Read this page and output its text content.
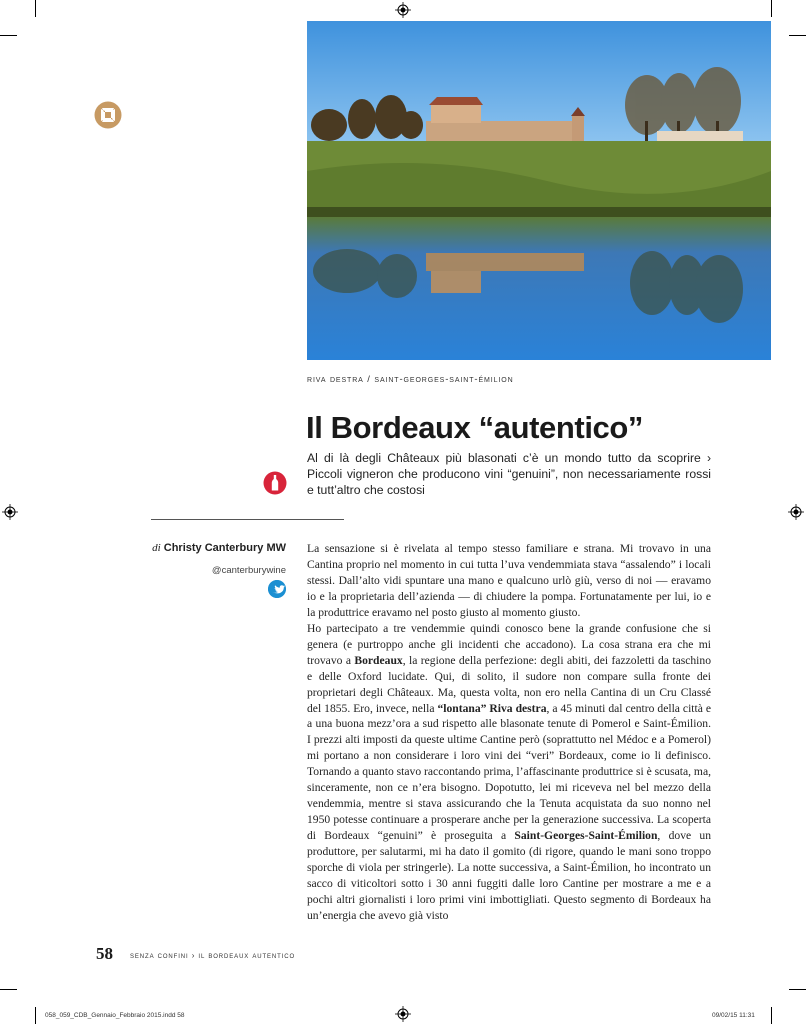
riva destra / saint-georges-saint-émilion
Il Bordeaux “autentico”
Al di là degli Châteaux più blasonati c’è un mondo tutto da scoprire › Piccoli vigneron che producono vini “genuini”, non necessariamente rossi e tutt’altro che costosi
di Christy Canterbury MW
@canterburywine

La sensazione si è rivelata al tempo stesso familiare e strana. Mi trovavo in una Cantina proprio nel momento in cui tutta l’uva vendemmiata stava “assalendo” i locali stessi. Dall’alto vidi spuntare una mano e qualcuno urlò giù, verso di noi — eravamo io e la proprietaria dell’azienda — di chiudere la pompa. Fortunatamente per lui, io e la produttrice eravamo nel posto giusto al momento giusto.

Ho partecipato a tre vendemmie quindi conosco bene la grande confusione che si genera (e purtroppo anche gli incidenti che accadono). La cosa strana era che mi trovavo a Bordeaux, la regione della perfezione: degli abiti, dei fazzoletti da taschino e delle Oxford lucidate. Qui, di solito, il sudore non compare sulla fronte dei proprietari degli Châteaux. Ma, questa volta, non ero nella Cantina di un Cru Classé del 1855. Ero, invece, nella “lontana” Riva destra, a 45 minuti dal centro della città e a una buona mezz’ora a sud rispetto alle blasonate tenute di Pomerol e Saint-Émilion. I prezzi alti imposti da queste ultime Cantine però (soprattutto nel Médoc e a Pomerol) mi portano a non considerare i loro vini dei “veri” Bordeaux, come io li definisco. Tornando a quanto stavo raccontando prima, l’affascinante produttrice si è scusata, ma, sinceramente, non ce n’era bisogno. Dopotutto, lei mi riceveva nel bel mezzo della vendemmia, mentre si stava assicurando che la Tenuta acquistata da suo nonno nel 1950 potesse continuare a prosperare anche per la generazione successiva. La scoperta di Bordeaux “genuini” è proseguita a Saint-Georges-Saint-Émilion, dove un produttore, per salutarmi, mi ha dato il gomito (di rigore, quando le mani sono troppo sporche di viola per stringerle). La notte successiva, a Saint-Émilion, ho incontrato un sacco di viticoltori sotto i 30 anni fuggiti dalle loro Cantine per mostrare a me e a pochi altri giornalisti i loro primi vini imbottigliati. Questo segmento di Bordeaux ha un’energia che avevo già visto

58 senza confini › il bordeaux autentico
058_059_CDB_Gennaio_Febbraio 2015.indd 58	09/02/15 11:31
